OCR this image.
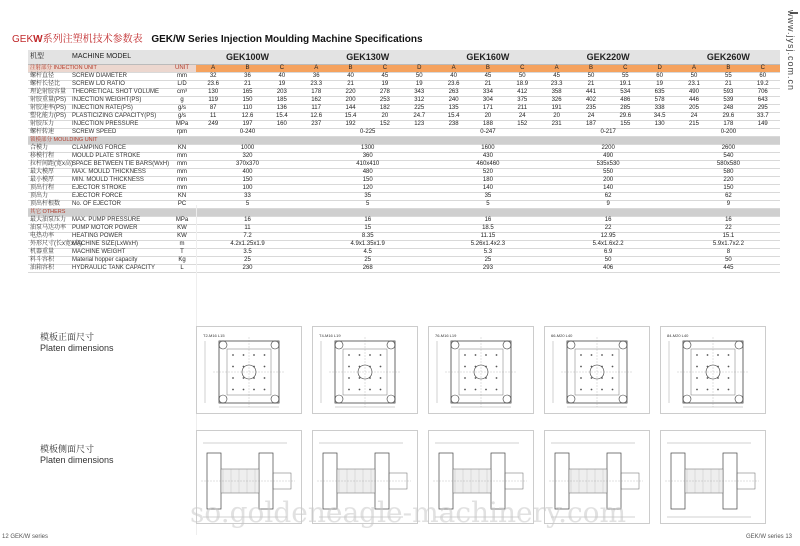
GEKW系列注塑机技术参数表 GEK/W Series Injection Moulding Machine Specifications	www.jysj.com.cn
机型	MACHINE MODEL		GEK100W			GEK130W				GEK160W			GEK220W				GEK260W		
注射部分 INJECTION UNIT		UNIT	A	B	C	A	B	C	D	A	B	C	A	B	C	D	A	B	C
螺杆直径	SCREW DIAMETER	mm	32	36	40	36	40	45	50	40	45	50	45	50	55	60	50	55	60
螺杆长径比	SCREW L/D RATIO	L/D	23.6	21	19	23.3	21	19	19	23.6	21	18.9	23.3	21	19.1	19	23.1	21	19.2
理论射胶容量	THEORETICAL SHOT VOLUME	cm³	130	165	203	178	220	278	343	263	334	412	358	441	534	635	490	593	706
射胶重量(PS)	INJECTION WEIGHT(PS)	g	119	150	185	162	200	253	312	240	304	375	326	402	486	578	446	539	643
射胶速率(PS)	INJECTION RATE(PS)	g/s	87	110	136	117	144	182	225	135	171	211	191	235	285	338	205	248	295
塑化能力(PS)	PLASTICIZING CAPACITY(PS)	g/s	11	12.6	15.4	12.6	15.4	20	24.7	15.4	20	24	20	24	29.6	34.5	24	29.6	33.7
射胶压力	INJECTION PRESSURE	MPa	249	197	160	237	192	152	123	238	188	152	231	187	155	130	215	178	149
螺杆转速	SCREW SPEED	rpm	0-240			0-225				0-247			0-217				0-200		
锁模部分 MOULDING UNIT																			
合模力	CLAMPING FORCE	KN	1000			1300				1600			2200				2600		
移模行程	MOULD PLATE STROKE	mm	320			360				430			490				540		
拉杆间距(宽x高)	SPACE BETWEEN TIE BARS(WxH)	mm	370x370			410x410				460x460			535x530				580x580		
最大模厚	MAX. MOULD THICKNESS	mm	400			480				520			550				580		
最小模厚	MIN. MOULD THICKNESS	mm	150			150				180			200				220		
顶出行程	EJECTOR STROKE	mm	100			120				140			140				150		
顶出力	EJECTOR FORCE	KN	33			35				35			62				62		
顶出杆根数	No. OF EJECTOR	PC	5			5				5			9				9		
其它 OTHERS																			
最大油泵压力	MAX. PUMP PRESSURE	MPa	16			16				16			16				16		
油泵马达功率	PUMP MOTOR POWER	KW	11			15				18.5			22				22		
电热功率	HEATING POWER	KW	7.2			8.35				11.15			12.95				15.1		
外形尺寸(长x宽x高)	MACHINE SIZE(LxWxH)	m	4.2x1.25x1.9			4.9x1.35x1.9				5.26x1.4x2.3			5.4x1.6x2.2				5.9x1.7x2.2		
机器重量	MACHINE WEIGHT	T	3.5			4.5				5.3			6.9				8		
料斗容积	Material hopper capacity	Kg	25			25				25			50				50		
油箱容积	HYDRAULIC TANK CAPACITY	L	230			268				293			406				445		
模板正面尺寸
Platen dimensions
模板侧面尺寸
Platen dimensions
T2-M16 L15	T4-M16 L19	76-M16 L19	66-M20 L40	84-M20 L40
so.goldeneagle-machinery.com
12 GEK/W series	GEK/W series 13
